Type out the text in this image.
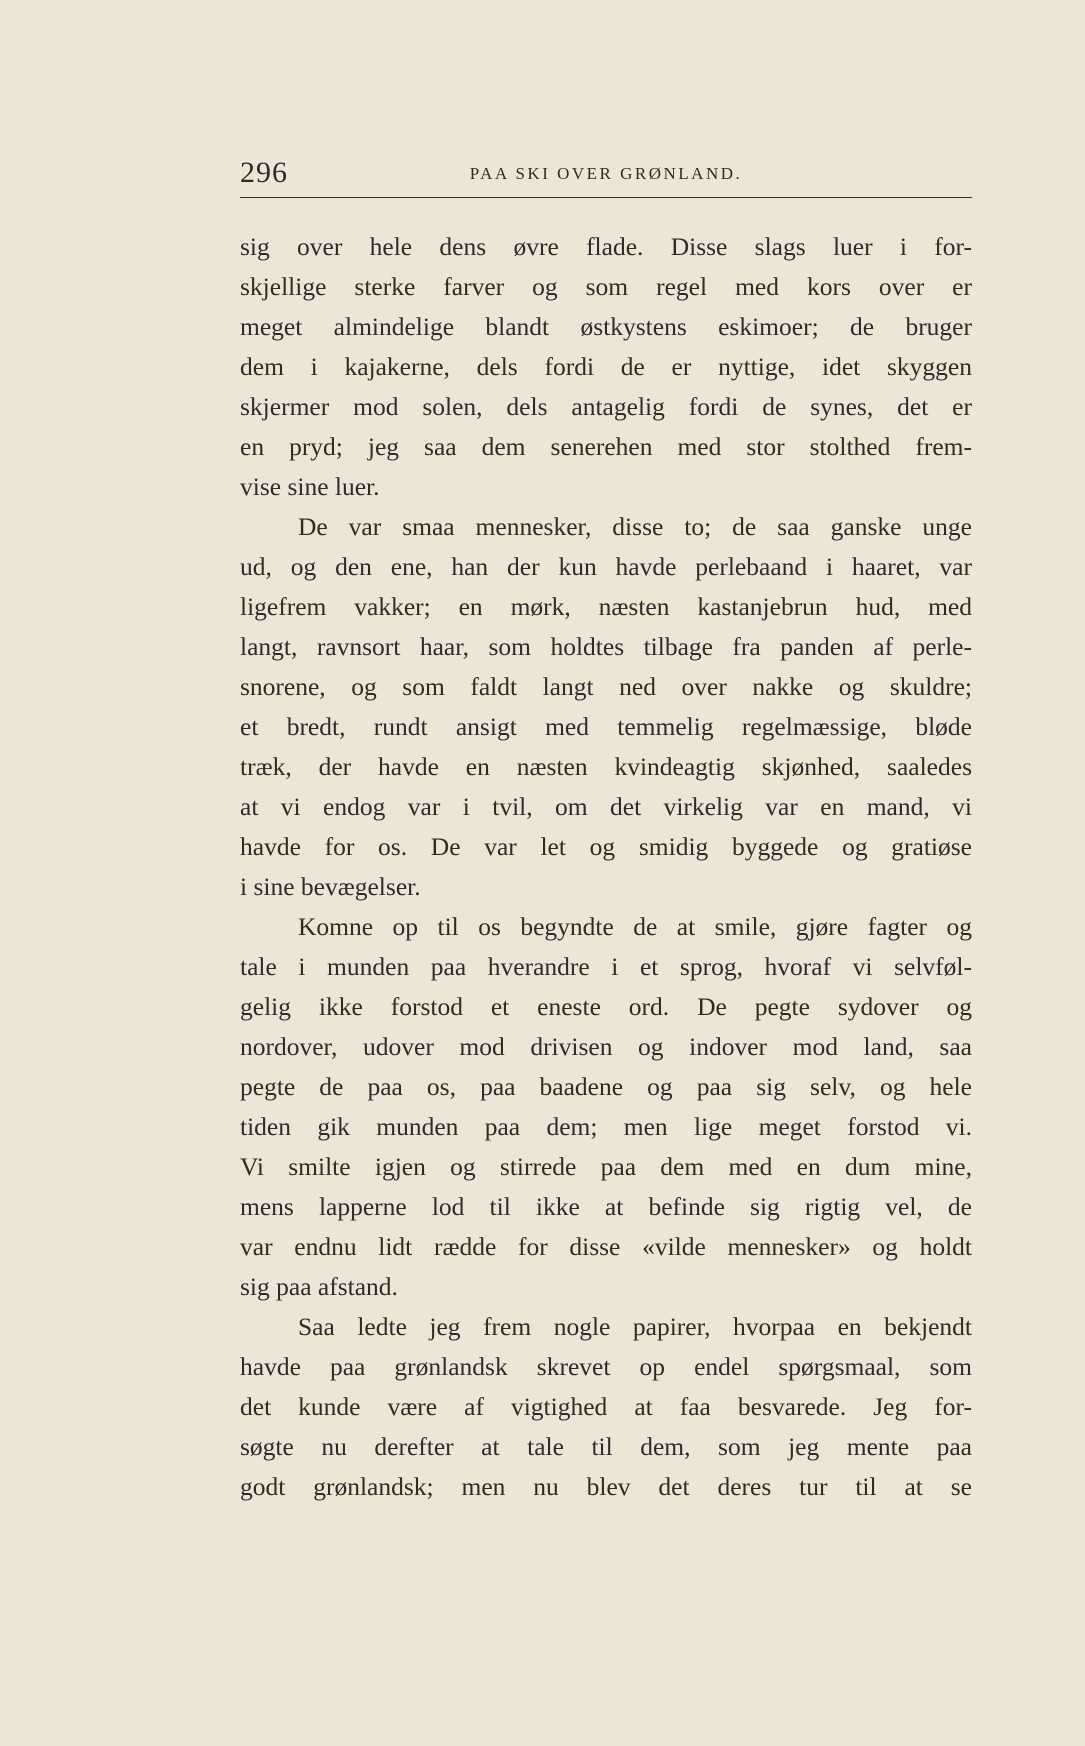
296	PAA SKI OVER GRØNLAND.
sig over hele dens øvre flade. Disse slags luer i for-
skjellige sterke farver og som regel med kors over er
meget almindelige blandt østkystens eskimoer; de bruger
dem i kajakerne, dels fordi de er nyttige, idet skyggen
skjermer mod solen, dels antagelig fordi de synes, det er
en pryd; jeg saa dem senerehen med stor stolthed frem-
vise sine luer.
De var smaa mennesker, disse to; de saa ganske unge
ud, og den ene, han der kun havde perlebaand i haaret, var
ligefrem vakker; en mørk, næsten kastanjebrun hud, med
langt, ravnsort haar, som holdtes tilbage fra panden af perle-
snorene, og som faldt langt ned over nakke og skuldre;
et bredt, rundt ansigt med temmelig regelmæssige, bløde
træk, der havde en næsten kvindeagtig skjønhed, saaledes
at vi endog var i tvil, om det virkelig var en mand, vi
havde for os. De var let og smidig byggede og gratiøse
i sine bevægelser.
Komne op til os begyndte de at smile, gjøre fagter og
tale i munden paa hverandre i et sprog, hvoraf vi selvføl-
gelig ikke forstod et eneste ord. De pegte sydover og
nordover, udover mod drivisen og indover mod land, saa
pegte de paa os, paa baadene og paa sig selv, og hele
tiden gik munden paa dem; men lige meget forstod vi.
Vi smilte igjen og stirrede paa dem med en dum mine,
mens lapperne lod til ikke at befinde sig rigtig vel, de
var endnu lidt rædde for disse «vilde mennesker» og holdt
sig paa afstand.
Saa ledte jeg frem nogle papirer, hvorpaa en bekjendt
havde paa grønlandsk skrevet op endel spørgsmaal, som
det kunde være af vigtighed at faa besvarede. Jeg for-
søgte nu derefter at tale til dem, som jeg mente paa
godt grønlandsk; men nu blev det deres tur til at se
